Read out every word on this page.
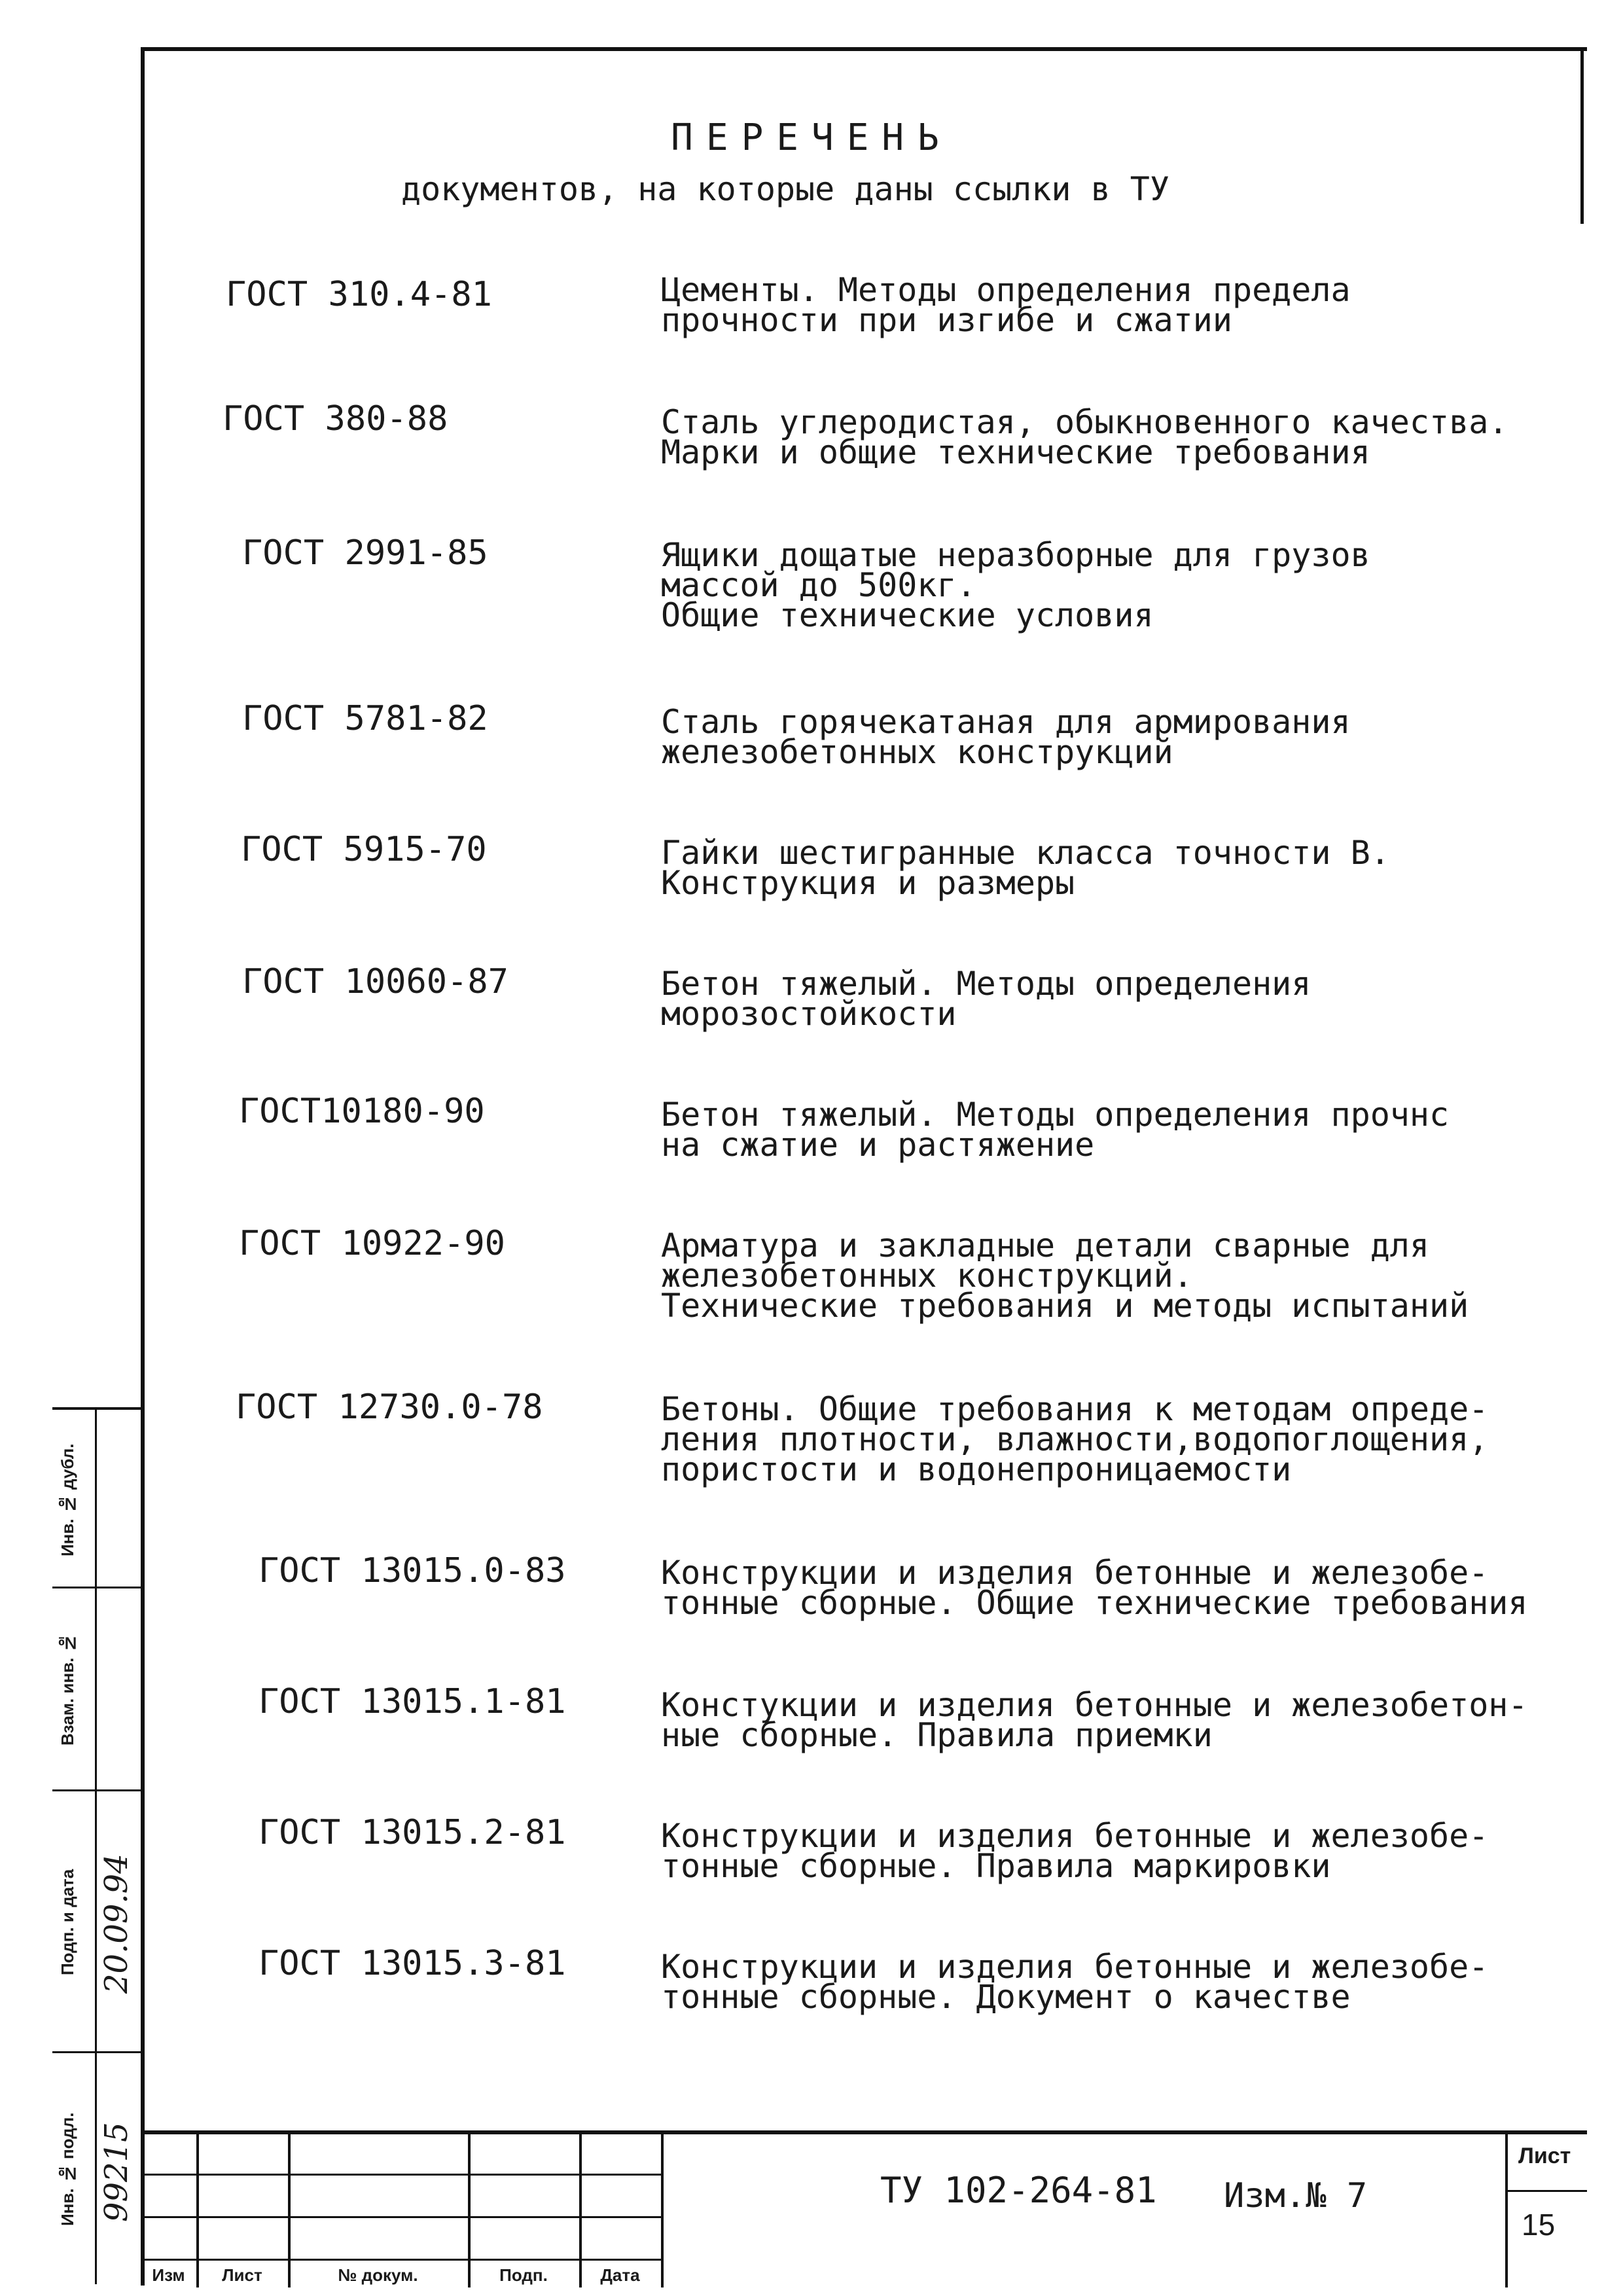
ПЕРЕЧЕНЬ
документов, на которые даны ссылки в ТУ
ГОСТ 310.4-81	Цементы. Методы определения предела
прочности при изгибе и сжатии
ГОСТ 380-88	Сталь углеродистая, обыкновенного качества.
Марки и общие технические требования
ГОСТ 2991-85	Ящики дощатые неразборные для грузов
массой до 500кг.
Общие технические условия
ГОСТ 5781-82	Сталь горячекатаная для армирования
железобетонных конструкций
ГОСТ 5915-70	Гайки шестигранные класса точности В.
Конструкция и размеры
ГОСТ 10060-87	Бетон тяжелый. Методы определения
морозостойкости
ГОСТ10180-90	Бетон тяжелый. Методы определения прочнс
на сжатие и растяжение
ГОСТ 10922-90	Арматура и закладные детали сварные для
железобетонных конструкций.
Технические требования и методы испытаний
ГОСТ 12730.0-78	Бетоны. Общие требования к методам опреде-
ления плотности, влажности,водопоглощения,
пористости и водонепроницаемости
ГОСТ 13015.0-83	Конструкции и изделия бетонные и железобе-
тонные сборные. Общие технические требования
ГОСТ 13015.1-81	Констукции и изделия бетонные и железобетон-
ные сборные. Правила приемки
ГОСТ 13015.2-81	Конструкции и изделия бетонные и железобе-
тонные сборные. Правила маркировки
ГОСТ 13015.3-81	Конструкции и изделия бетонные и железобе-
тонные сборные. Документ о качестве
Инв. № дубл.
Взам. инв. №
Подп. и дата
Инв. № подл.
20.09.94
99215
Изм	Лист	№ докум.	Подп.	Дата
ТУ 102-264-81 Изм.№ 7
Лист
15
